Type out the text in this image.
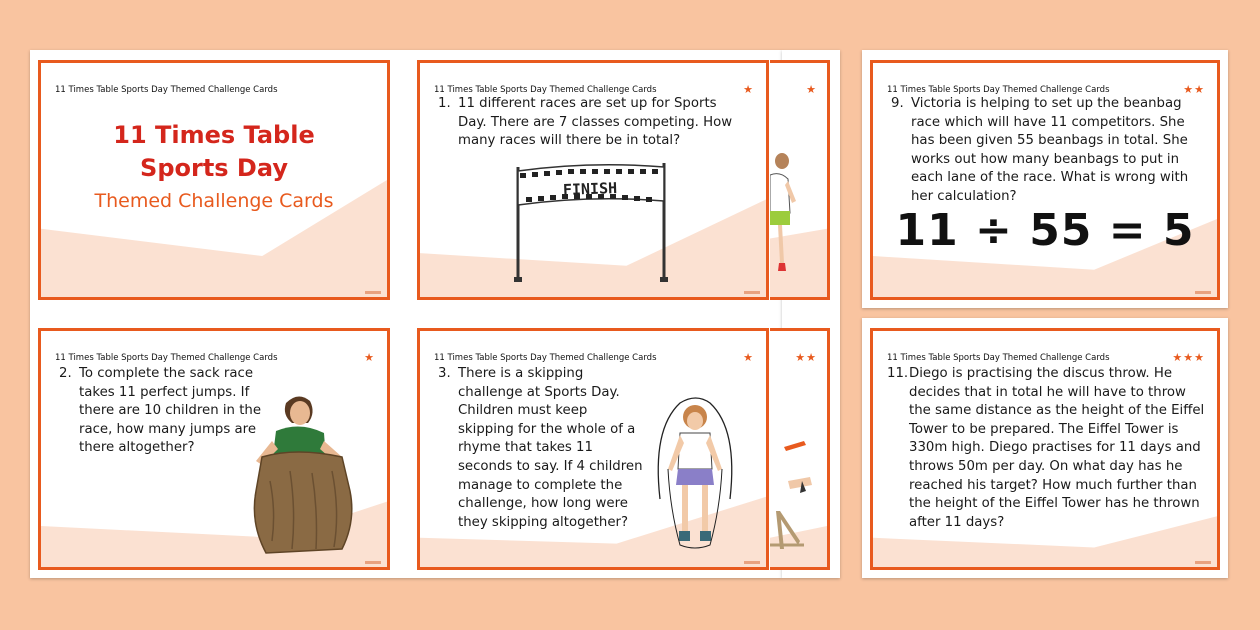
★
★★
11 Times Table Sports Day Themed Challenge Cards
11 Times Table
Sports Day
Themed Challenge Cards
11 Times Table Sports Day Themed Challenge Cards	★
1. 11 different races are set up for Sports Day. There are 7 classes competing. How many races will there be in total?
FINISH
11 Times Table Sports Day Themed Challenge Cards	★
2. To complete the sack race takes 11 perfect jumps. If there are 10 children in the race, how many jumps are there altogether?
11 Times Table Sports Day Themed Challenge Cards	★
3. There is a skipping challenge at Sports Day. Children must keep skipping for the whole of a rhyme that takes 11 seconds to say. If 4 children manage to complete the challenge, how long were they skipping altogether?
11 Times Table Sports Day Themed Challenge Cards	★★
9. Victoria is helping to set up the beanbag race which will have 11 competitors. She has been given 55 beanbags in total. She works out how many beanbags to put in each lane of the race. What is wrong with her calculation?
11 ÷ 55 = 5
11 Times Table Sports Day Themed Challenge Cards	★★★
11. Diego is practising the discus throw. He decides that in total he will have to throw the same distance as the height of the Eiffel Tower to be prepared. The Eiffel Tower is 330m high. Diego practises for 11 days and throws 50m per day. On what day has he reached his target? How much further than the height of the Eiffel Tower has he thrown after 11 days?
